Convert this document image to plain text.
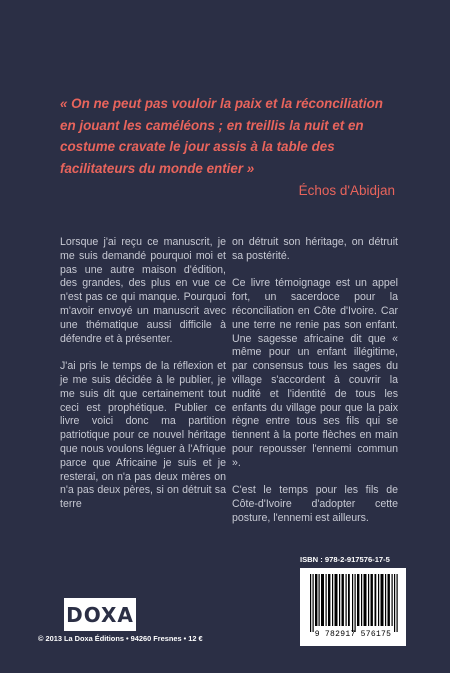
« On ne peut pas vouloir la paix et la réconciliation en jouant les caméléons ; en treillis la nuit et en costume cravate le jour assis à la table des facilitateurs du monde entier »

Échos d'Abidjan

Lorsque j'ai reçu ce manuscrit, je me suis demandé pourquoi moi et pas une autre maison d'édition, des grandes, des plus en vue ce n'est pas ce qui manque. Pourquoi m'avoir envoyé un manuscrit avec une thématique aussi difficile à défendre et à présenter.

J'ai pris le temps de la réflexion et je me suis décidée à le publier, je me suis dit que certainement tout ceci est prophétique. Publier ce livre voici donc ma partition patriotique pour ce nouvel héritage que nous voulons léguer à l'Afrique parce que Africaine je suis et je resterai, on n'a pas deux mères on n'a pas deux pères, si on détruit sa terre

on détruit son héritage, on détruit sa postérité.

Ce livre témoignage est un appel fort, un sacerdoce pour la réconciliation en Côte d'Ivoire. Car une terre ne renie pas son enfant. Une sagesse africaine dit que « même pour un enfant illégitime, par consensus tous les sages du village s'accordent à couvrir la nudité et l'identité de tous les enfants du village pour que la paix règne entre tous ses fils qui se tiennent à la porte flèches en main pour repousser l'ennemi commun ».

C'est le temps pour les fils de Côte-d'Ivoire d'adopter cette posture, l'ennemi est ailleurs.

ISBN : 978-2-917576-17-5

9 782917 576175
DOXA

© 2013 La Doxa Éditions • 94260 Fresnes • 12 €
